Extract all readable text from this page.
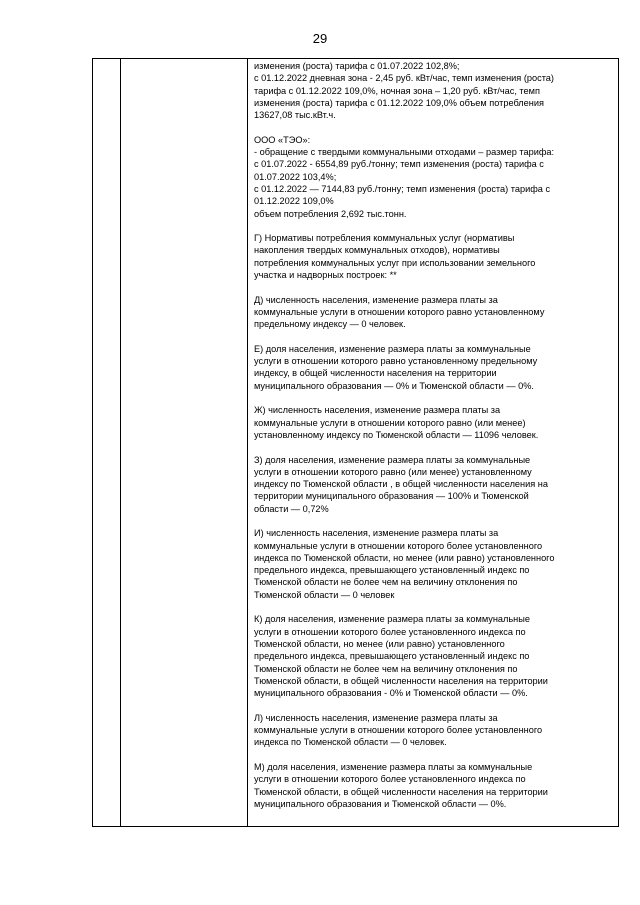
29

изменения (роста) тарифа с 01.07.2022 102,8%;
с 01.12.2022 дневная зона - 2,45 руб. кВт/час, темп изменения (роста)
тарифа с 01.12.2022 109,0%, ночная зона – 1,20 руб. кВт/час, темп
изменения (роста) тарифа с 01.12.2022 109,0% объем потребления
13627,08 тыс.кВт.ч.

ООО «ТЭО»:
- обращение с твердыми коммунальными отходами – размер тарифа:
с 01.07.2022 - 6554,89 руб./тонну; темп изменения (роста) тарифа с
01.07.2022 103,4%;
с 01.12.2022 — 7144,83 руб./тонну; темп изменения (роста) тарифа с
01.12.2022 109,0%
объем потребления 2,692 тыс.тонн.

Г) Нормативы потребления коммунальных услуг (нормативы
накопления твердых коммунальных отходов), нормативы
потребления коммунальных услуг при использовании земельного
участка и надворных построек: **

Д) численность населения, изменение размера платы за
коммунальные услуги в отношении которого равно установленному
предельному индексу — 0 человек.

Е) доля населения, изменение размера платы за коммунальные
услуги в отношении которого равно установленному предельному
индексу, в общей численности населения на территории
муниципального образования — 0% и Тюменской области — 0%.

Ж) численность населения, изменение размера платы за
коммунальные услуги в отношении которого равно (или менее)
установленному индексу по Тюменской области — 11096 человек.

З) доля населения, изменение размера платы за коммунальные
услуги в отношении которого равно (или менее) установленному
индексу по Тюменской области , в общей численности населения на
территории муниципального образования — 100% и Тюменской
области — 0,72%

И) численность населения, изменение размера платы за
коммунальные услуги в отношении которого более установленного
индекса по Тюменской области, но менее (или равно) установленного
предельного индекса, превышающего установленный индекс по
Тюменской области не более чем на величину отклонения по
Тюменской области — 0 человек

К) доля населения, изменение размера платы за коммунальные
услуги в отношении которого более установленного индекса по
Тюменской области, но менее (или равно) установленного
предельного индекса, превышающего установленный индекс по
Тюменской области не более чем на величину отклонения по
Тюменской области, в общей численности населения на территории
муниципального образования - 0% и Тюменской области — 0%.

Л) численность населения, изменение размера платы за
коммунальные услуги в отношении которого более установленного
индекса по Тюменской области — 0 человек.

М) доля населения, изменение размера платы за коммунальные
услуги в отношении которого более установленного индекса по
Тюменской области, в общей численности населения на территории
муниципального образования и Тюменской области — 0%.
